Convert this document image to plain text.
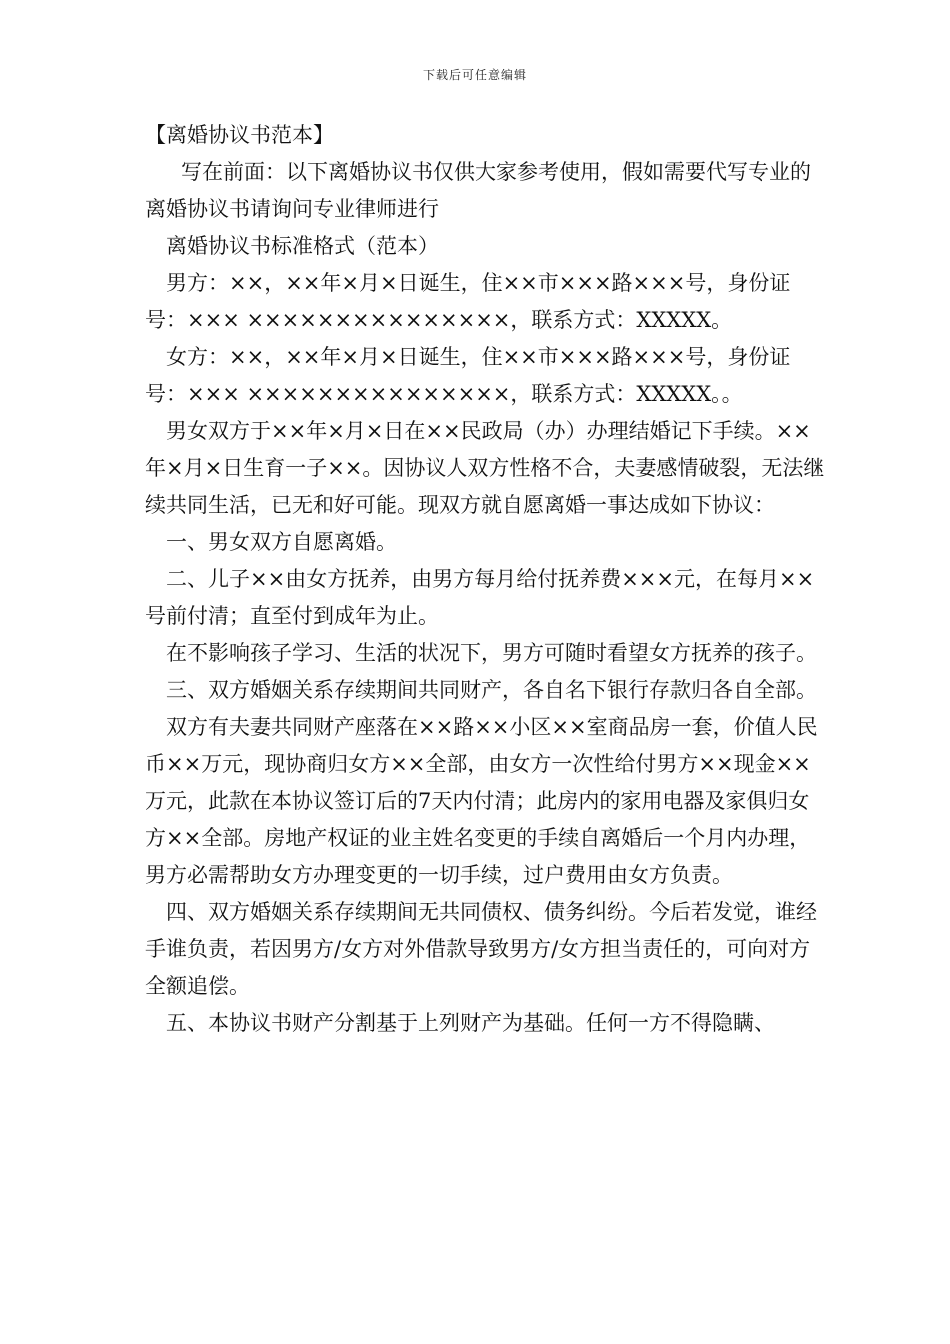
下载后可任意编辑

【离婚协议书范本】

写在前面：以下离婚协议书仅供大家参考使用，假如需要代写专业的离婚协议书请询问专业律师进行

离婚协议书标准格式（范本）

男方：××，××年×月×日诞生，住××市×××路×××号，身份证号：××× ×××××××××××××××，联系方式：XXXXX。

女方：××，××年×月×日诞生，住××市×××路×××号，身份证号：××× ×××××××××××××××，联系方式：XXXXX。。

男女双方于××年×月×日在××民政局（办）办理结婚记下手续。××年×月×日生育一子××。因协议人双方性格不合，夫妻感情破裂，无法继续共同生活，已无和好可能。现双方就自愿离婚一事达成如下协议：

一、男女双方自愿离婚。

二、儿子××由女方抚养，由男方每月给付抚养费×××元，在每月××号前付清；直至付到成年为止。

在不影响孩子学习、生活的状况下，男方可随时看望女方抚养的孩子。

三、双方婚姻关系存续期间共同财产，各自名下银行存款归各自全部。

双方有夫妻共同财产座落在××路××小区××室商品房一套，价值人民币××万元，现协商归女方××全部，由女方一次性给付男方××现金××万元，此款在本协议签订后的7天内付清；此房内的家用电器及家俱归女方××全部。房地产权证的业主姓名变更的手续自离婚后一个月内办理，男方必需帮助女方办理变更的一切手续，过户费用由女方负责。

四、双方婚姻关系存续期间无共同债权、债务纠纷。今后若发觉，谁经手谁负责，若因男方/女方对外借款导致男方/女方担当责任的，可向对方全额追偿。

五、本协议书财产分割基于上列财产为基础。任何一方不得隐瞒、
